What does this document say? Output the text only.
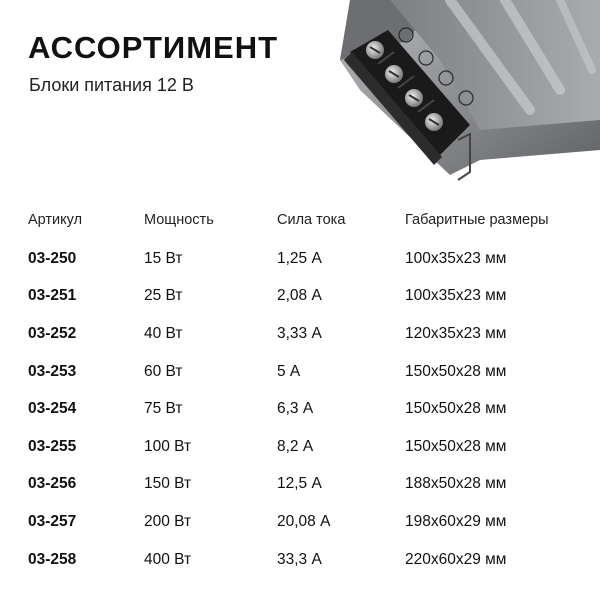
АССОРТИМЕНТ
Блоки питания 12 В
Артикул	Мощность	Сила тока	Габаритные размеры
03-250	15 Вт	1,25 А	100x35x23 мм
03-251	25 Вт	2,08 А	100x35x23 мм
03-252	40 Вт	3,33 А	120x35x23 мм
03-253	60 Вт	5 А	150x50x28 мм
03-254	75 Вт	6,3 А	150x50x28 мм
03-255	100 Вт	8,2 А	150x50x28 мм
03-256	150 Вт	12,5 А	188x50x28 мм
03-257	200 Вт	20,08 А	198x60x29 мм
03-258	400 Вт	33,3 А	220x60x29 мм
